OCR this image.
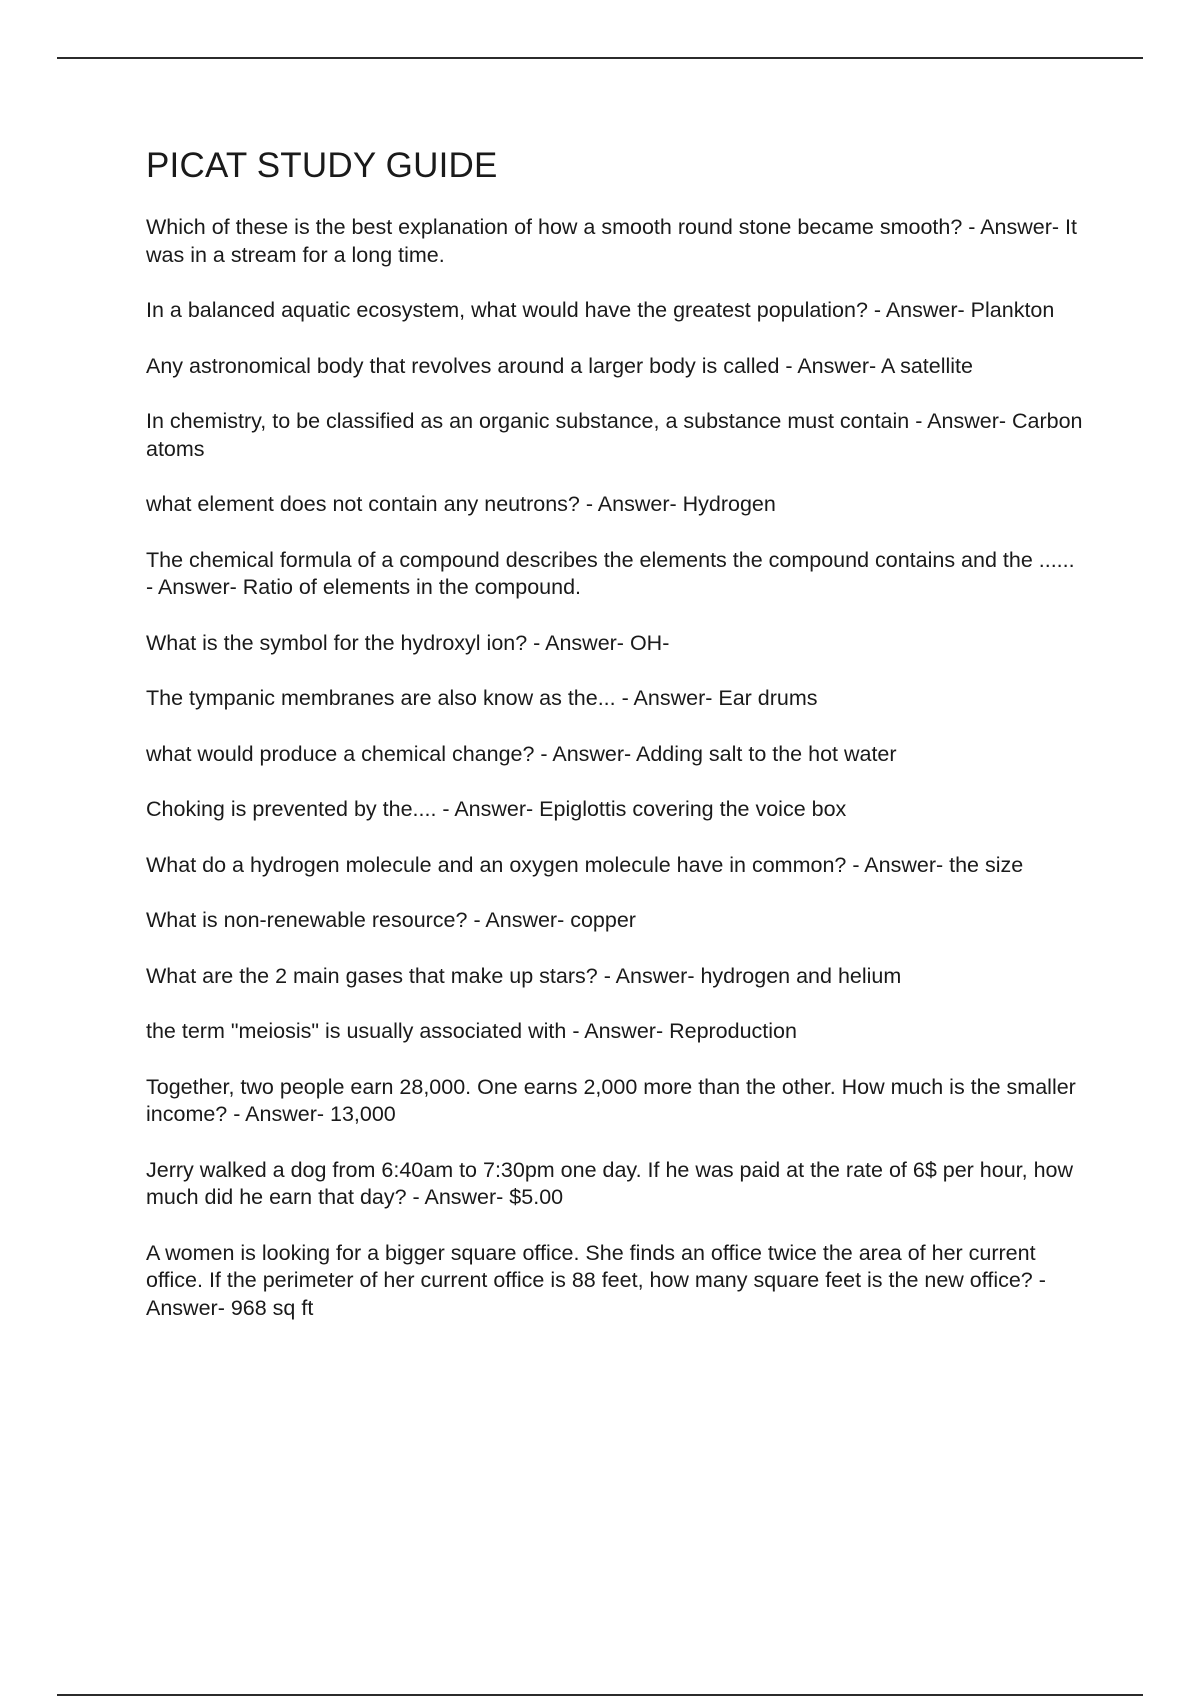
PICAT STUDY GUIDE
Which of these is the best explanation of how a smooth round stone became smooth? - Answer- It was in a stream for a long time.
In a balanced aquatic ecosystem, what would have the greatest population? - Answer- Plankton
Any astronomical body that revolves around a larger body is called - Answer- A satellite
In chemistry, to be classified as an organic substance, a substance must contain - Answer- Carbon atoms
what element does not contain any neutrons? - Answer- Hydrogen
The chemical formula of a compound describes the elements the compound contains and the ...... - Answer- Ratio of elements in the compound.
What is the symbol for the hydroxyl ion? - Answer- OH-
The tympanic membranes are also know as the... - Answer- Ear drums
what would produce a chemical change? - Answer- Adding salt to the hot water
Choking is prevented by the.... - Answer- Epiglottis covering the voice box
What do a hydrogen molecule and an oxygen molecule have in common? - Answer- the size
What is non-renewable resource? - Answer- copper
What are the 2 main gases that make up stars? - Answer- hydrogen and helium
the term "meiosis" is usually associated with - Answer- Reproduction
Together, two people earn 28,000. One earns 2,000 more than the other. How much is the smaller income? - Answer- 13,000
Jerry walked a dog from 6:40am to 7:30pm one day. If he was paid at the rate of 6$ per hour, how much did he earn that day? - Answer- $5.00
A women is looking for a bigger square office. She finds an office twice the area of her current office. If the perimeter of her current office is 88 feet, how many square feet is the new office? - Answer- 968 sq ft
